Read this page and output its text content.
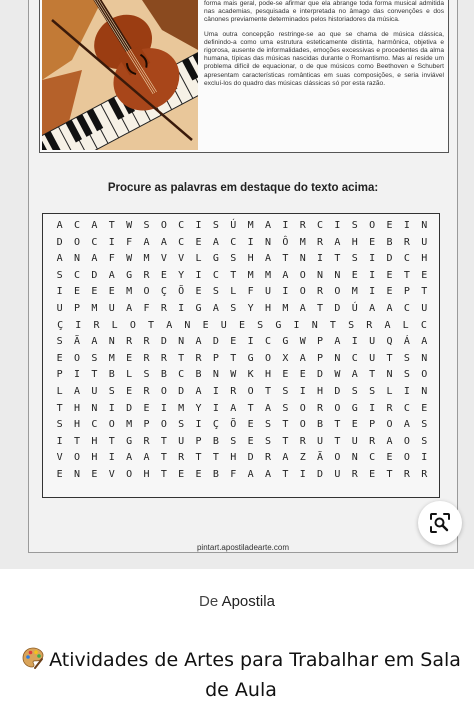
forma mais geral, pode-se afirmar que ela abrange toda forma musical admitida nas academias, pesquisada e interpretada no âmago das convenções e dos cânones previamente determinados pelos historiadores da música.

Uma outra concepção restringe-se ao que se chama de música clássica, definindo-a como uma estrutura esteticamente distinta, harmônica, objetiva e rigorosa, ausente de informalidades, emoções excessivas e procedentes da alma humana, típicas das músicas nascidas durante o Romantismo. Mas aí reside um problema difícil de equacionar, o de que músicos como Beethoven e Schubert apresentam características românticas em suas composições, e seria inviável excluí-los do quadro das músicas clássicas só por esta razão.

Procure as palavras em destaque do texto acima:
A	C	A	T	W	S	O	C	I	S	Ú	M	A	I	R	C	I	S	O	E	I	N
D	O	C	I	F	A	A	C	E	A	C	I	N	Ô	M	R	A	H	E	B	R	U
A	N	A	F	W	M	V	V	L	G	S	H	A	T	N	I	T	S	I	D	C	H
S	C	D	A	G	R	E	Y	I	C	T	M	M	A	O	N	N	E	I	E	T	E
I	E	E	E	M	O	Ç	Õ	E	S	L	F	U	I	O	R	O	M	I	E	P	T
U	P	M	U	A	F	R	I	G	A	S	Y	H	M	A	T	D	Ú	A	A	C	U
Ç	I	R	L	O	T	A	N	E	U	E	S	G	I	N	T	S	R	A	L	C
S	Ã	A	N	R	R	D	N	A	D	E	I	C	G	W	P	A	I	U	Q	Á	A
E	O	S	M	E	R	R	T	R	P	T	G	O	X	A	P	N	C	U	T	S	N
P	I	T	B	L	S	B	C	B	N	W	K	H	E	E	D	W	A	T	N	S	O
L	A	U	S	E	R	O	D	A	I	R	O	T	S	I	H	D	S	S	L	I	N
T	H	N	I	D	E	I	M	Y	I	A	T	A	S	O	R	O	G	I	R	C	E
S	H	C	O	M	P	O	S	I	Ç	Õ	E	S	T	O	B	T	E	P	O	A	S
I	T	H	T	G	R	T	U	P	B	S	E	S	T	R	U	T	U	R	A	O	S
V	O	H	I	A	A	T	R	T	T	H	D	R	A	Z	Ã	O	N	C	E	O	I
E	N	E	V	O	H	T	E	E	B	F	A	A	T	I	D	U	R	E	T	R	R
pintart.apostiladearte.com
De Apostila
Atividades de Artes para Trabalhar em Sala de Aula
